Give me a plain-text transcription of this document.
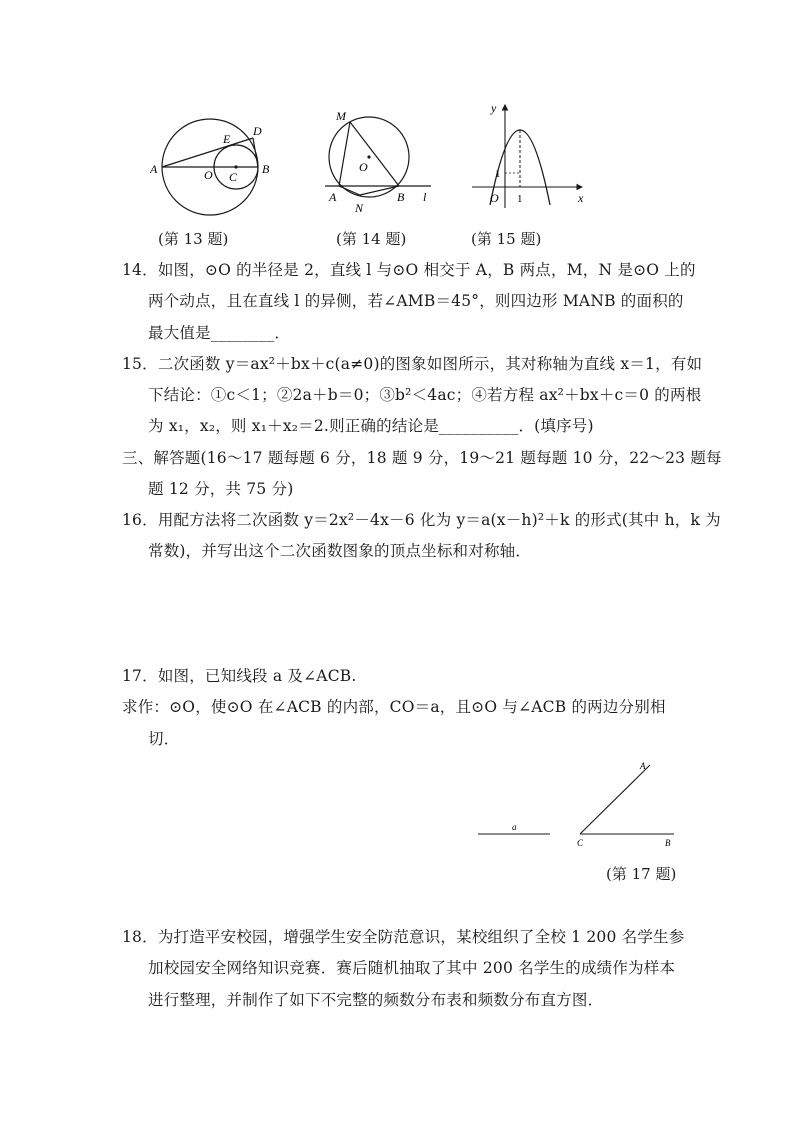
A	O C
B
E
D
(第 13 题)
M
O
A
N
B l
(第 14 题)
y
x
O 1
1
(第 15 题)
14．如图，⊙O 的半径是 2，直线 l 与⊙O 相交于 A，B 两点，M，N 是⊙O 上的
两个动点，且在直线 l 的异侧，若∠AMB＝45°，则四边形 MANB 的面积的
最大值是________．
15．二次函数 y＝ax²＋bx＋c(a≠0)的图象如图所示，其对称轴为直线 x＝1，有如
下结论：①c＜1；②2a＋b＝0；③b²＜4ac；④若方程 ax²＋bx＋c＝0 的两根
为 x₁，x₂，则 x₁＋x₂＝2.则正确的结论是__________．(填序号)
三、解答题(16～17 题每题 6 分，18 题 9 分，19～21 题每题 10 分，22～23 题每
题 12 分，共 75 分)
16．用配方法将二次函数 y＝2x²－4x－6 化为 y＝a(x－h)²＋k 的形式(其中 h，k 为
常数)，并写出这个二次函数图象的顶点坐标和对称轴．
17．如图，已知线段 a 及∠ACB.
求作：⊙O，使⊙O 在∠ACB 的内部，CO＝a，且⊙O 与∠ACB 的两边分别相
切．
a
A
C	B
(第 17 题)
18．为打造平安校园，增强学生安全防范意识，某校组织了全校 1 200 名学生参
加校园安全网络知识竞赛．赛后随机抽取了其中 200 名学生的成绩作为样本
进行整理，并制作了如下不完整的频数分布表和频数分布直方图．
